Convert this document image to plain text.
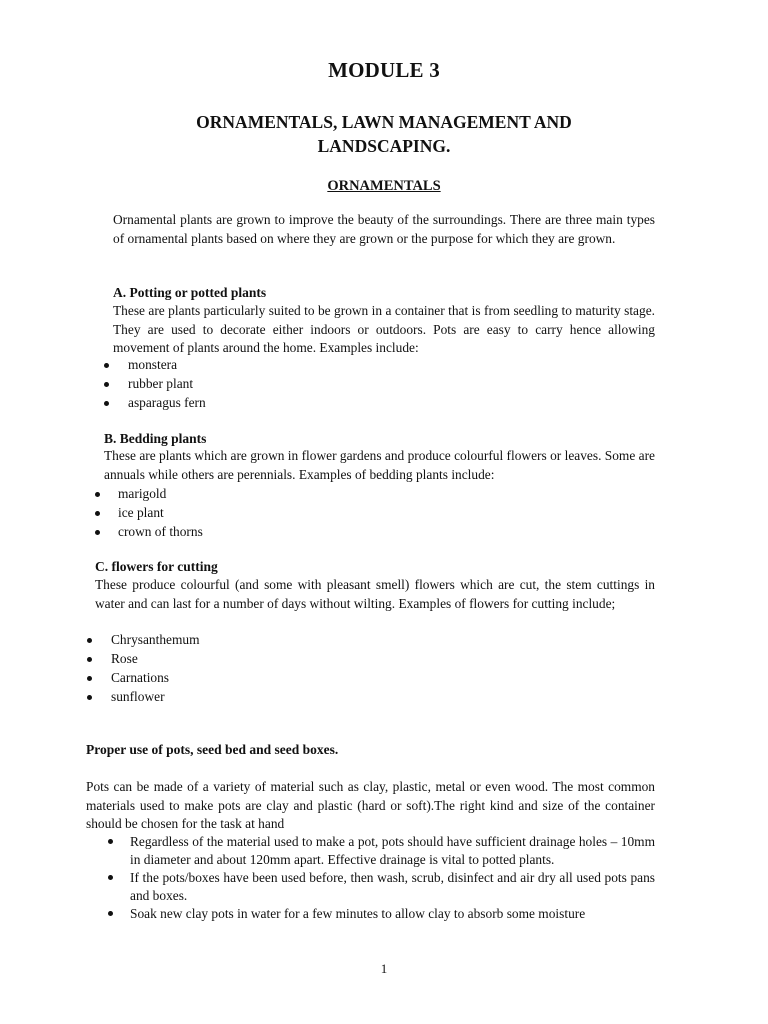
MODULE 3
ORNAMENTALS, LAWN MANAGEMENT AND LANDSCAPING.
ORNAMENTALS
Ornamental plants are grown to improve the beauty of the surroundings. There are three main types of ornamental plants based on where they are grown or the purpose for which they are grown.
A. Potting or potted plants
These are plants particularly suited to be grown in a container that is from seedling to maturity stage. They are used to decorate either indoors or outdoors. Pots are easy to carry hence allowing movement of plants around the home. Examples include:
monstera
rubber plant
asparagus fern
B. Bedding plants
These are plants which are grown in flower gardens and produce colourful flowers or leaves. Some are annuals while others are perennials. Examples of bedding plants include:
marigold
ice plant
crown of thorns
C. flowers for cutting
These produce colourful (and some with pleasant smell) flowers which are cut, the stem cuttings in water and can last for a number of days without wilting. Examples of flowers for cutting include;
Chrysanthemum
Rose
Carnations
sunflower
Proper use of pots, seed bed and seed boxes.
Pots can be made of a variety of material such as clay, plastic, metal or even wood. The most common materials used to make pots are clay and plastic (hard or soft).The right kind and size of the container should be chosen for the task at hand
Regardless of the material used to make a pot, pots should have sufficient drainage holes – 10mm in diameter and about 120mm apart. Effective drainage is vital to potted plants.
If the pots/boxes have been used before, then wash, scrub, disinfect and air dry all used pots pans and boxes.
Soak new clay pots in water for a few minutes to allow clay to absorb some moisture
1
